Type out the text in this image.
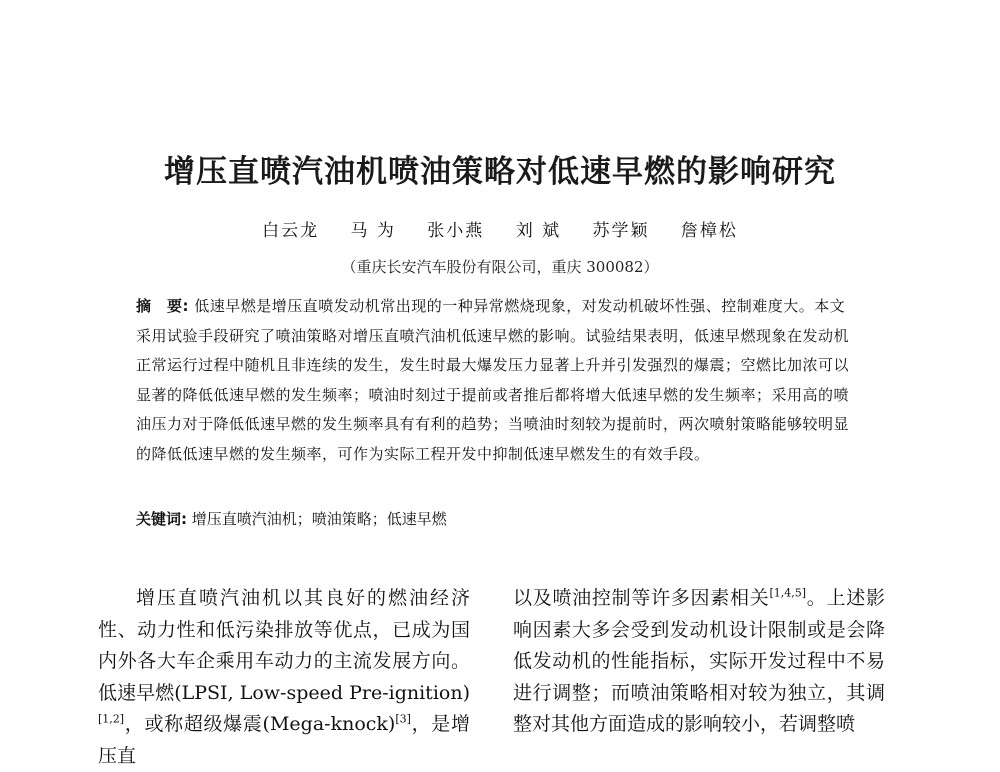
增压直喷汽油机喷油策略对低速早燃的影响研究
白云龙 马 为 张小燕 刘 斌 苏学颖 詹樟松
（重庆长安汽车股份有限公司，重庆 300082）
摘　要: 低速早燃是增压直喷发动机常出现的一种异常燃烧现象，对发动机破坏性强、控制难度大。本文采用试验手段研究了喷油策略对增压直喷汽油机低速早燃的影响。试验结果表明，低速早燃现象在发动机正常运行过程中随机且非连续的发生，发生时最大爆发压力显著上升并引发强烈的爆震；空燃比加浓可以显著的降低低速早燃的发生频率；喷油时刻过于提前或者推后都将增大低速早燃的发生频率；采用高的喷油压力对于降低低速早燃的发生频率具有有利的趋势；当喷油时刻较为提前时，两次喷射策略能够较明显的降低低速早燃的发生频率，可作为实际工程开发中抑制低速早燃发生的有效手段。
关键词: 增压直喷汽油机；喷油策略；低速早燃

增压直喷汽油机以其良好的燃油经济性、动力性和低污染排放等优点，已成为国内外各大车企乘用车动力的主流发展方向。低速早燃(LPSI, Low-speed Pre-ignition)[1,2]，或称超级爆震(Mega-knock)[3]，是增压直

以及喷油控制等许多因素相关[1,4,5]。上述影响因素大多会受到发动机设计限制或是会降低发动机的性能指标，实际开发过程中不易进行调整；而喷油策略相对较为独立，其调整对其他方面造成的影响较小，若调整喷
